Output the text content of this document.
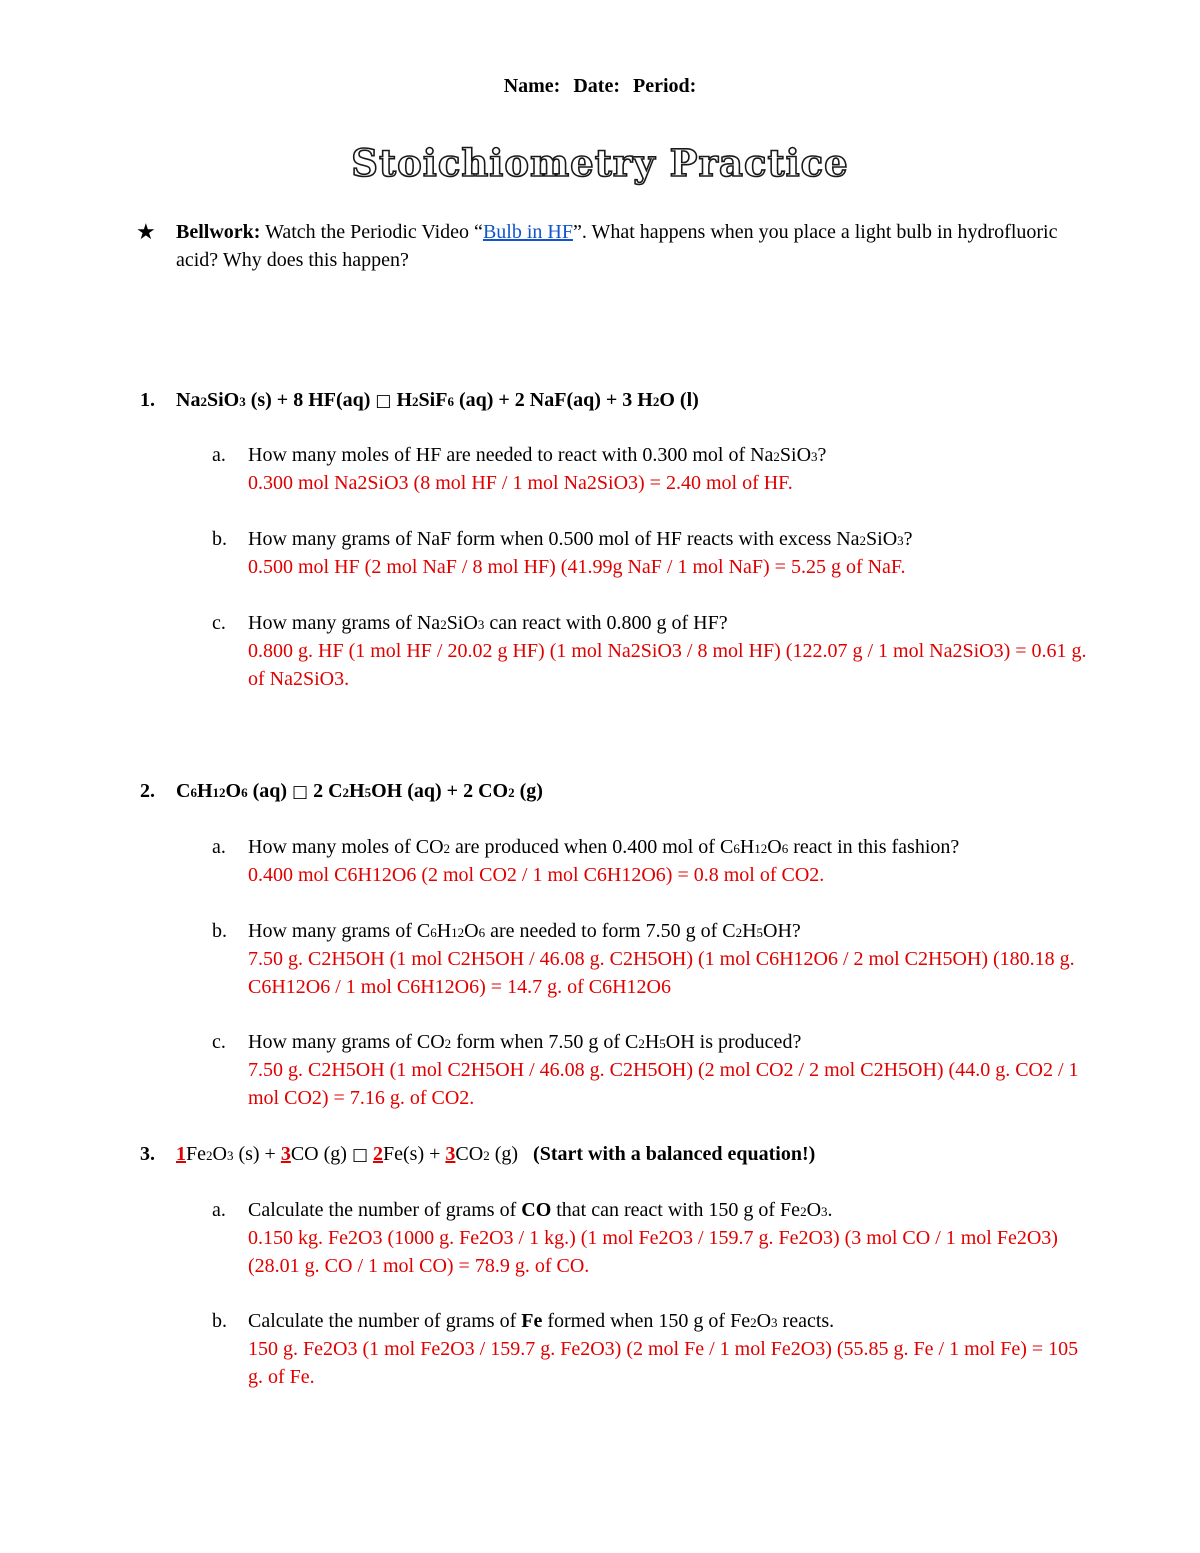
Name: Date: Period:
Stoichiometry Practice
★ Bellwork: Watch the Periodic Video “Bulb in HF”. What happens when you place a light bulb in hydrofluoric acid? Why does this happen?
1. Na2SiO3 (s) + 8 HF(aq) □ H2SiF6 (aq) + 2 NaF(aq) + 3 H2O (l)
a. How many moles of HF are needed to react with 0.300 mol of Na2SiO3?
0.300 mol Na2SiO3 (8 mol HF / 1 mol Na2SiO3) = 2.40 mol of HF.
b. How many grams of NaF form when 0.500 mol of HF reacts with excess Na2SiO3?
0.500 mol HF (2 mol NaF / 8 mol HF) (41.99g NaF / 1 mol NaF) = 5.25 g of NaF.
c. How many grams of Na2SiO3 can react with 0.800 g of HF?
0.800 g. HF (1 mol HF / 20.02 g HF) (1 mol Na2SiO3 / 8 mol HF) (122.07 g / 1 mol Na2SiO3) = 0.61 g. of Na2SiO3.
2. C6H12O6 (aq) □ 2 C2H5OH (aq) + 2 CO2 (g)
a. How many moles of CO2 are produced when 0.400 mol of C6H12O6 react in this fashion?
0.400 mol C6H12O6 (2 mol CO2 / 1 mol C6H12O6) = 0.8 mol of CO2.
b. How many grams of C6H12O6 are needed to form 7.50 g of C2H5OH?
7.50 g. C2H5OH (1 mol C2H5OH / 46.08 g. C2H5OH) (1 mol C6H12O6 / 2 mol C2H5OH) (180.18 g. C6H12O6 / 1 mol C6H12O6) = 14.7 g. of C6H12O6
c. How many grams of CO2 form when 7.50 g of C2H5OH is produced?
7.50 g. C2H5OH (1 mol C2H5OH / 46.08 g. C2H5OH) (2 mol CO2 / 2 mol C2H5OH) (44.0 g. CO2 / 1 mol CO2) = 7.16 g. of CO2.
3. 1Fe2O3 (s) + 3CO (g) □ 2Fe(s) + 3CO2 (g) (Start with a balanced equation!)
a. Calculate the number of grams of CO that can react with 150 g of Fe2O3.
0.150 kg. Fe2O3 (1000 g. Fe2O3 / 1 kg.) (1 mol Fe2O3 / 159.7 g. Fe2O3) (3 mol CO / 1 mol Fe2O3) (28.01 g. CO / 1 mol CO) = 78.9 g. of CO.
b. Calculate the number of grams of Fe formed when 150 g of Fe2O3 reacts.
150 g. Fe2O3 (1 mol Fe2O3 / 159.7 g. Fe2O3) (2 mol Fe / 1 mol Fe2O3) (55.85 g. Fe / 1 mol Fe) = 105 g. of Fe.
